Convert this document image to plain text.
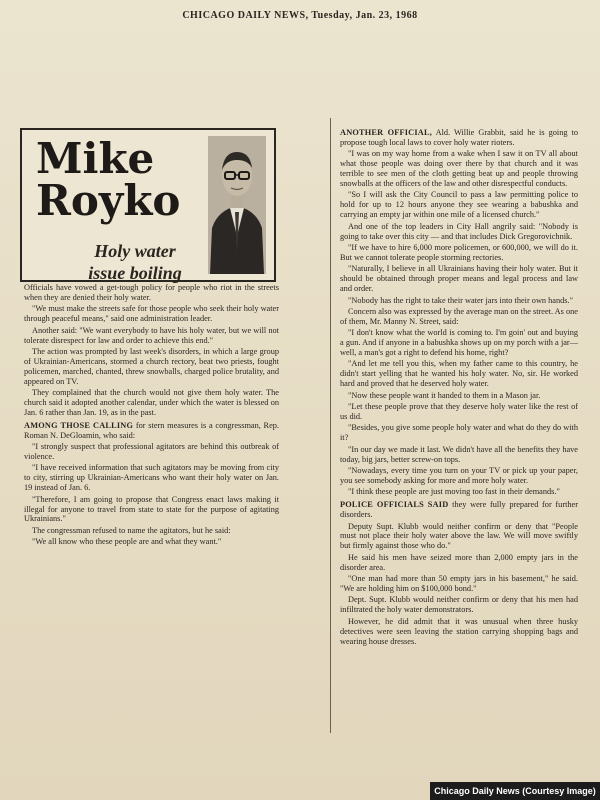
CHICAGO DAILY NEWS, Tuesday, Jan. 23, 1968
Mike
Royko
Holy water
issue boiling

Officials have vowed a get-tough policy for people who riot in the streets when they are denied their holy water.

"We must make the streets safe for those people who seek their holy water through peaceful means," said one administration leader.

Another said: "We want everybody to have his holy water, but we will not tolerate disrespect for law and order to achieve this end."

The action was prompted by last week's disorders, in which a large group of Ukrainian-Americans, stormed a church rectory, beat two priests, fought policemen, marched, chanted, threw snowballs, charged police brutality, and appeared on TV.

They complained that the church would not give them holy water. The church said it adopted another calendar, under which the water is blessed on Jan. 6 rather than Jan. 19, as in the past.

AMONG THOSE CALLING for stern measures is a congressman, Rep. Roman N. DeGloamin, who said:

"I strongly suspect that professional agitators are behind this outbreak of violence.

"I have received information that such agitators may be moving from city to city, stirring up Ukrainian-Americans who want their holy water on Jan. 19 instead of Jan. 6.

"Therefore, I am going to propose that Congress enact laws making it illegal for anyone to travel from state to state for the purpose of agitating Ukrainians."

The congressman refused to name the agitators, but he said:

"We all know who these people are and what they want."

ANOTHER OFFICIAL, Ald. Willie Grabbit, said he is going to propose tough local laws to cover holy water rioters.

"I was on my way home from a wake when I saw it on TV all about what those people was doing over there by that church and it was terrible to see men of the cloth getting beat up and people throwing snowballs at the officers of the law and other disrespectful conducts.

"So I will ask the City Council to pass a law permitting police to hold for up to 12 hours anyone they see wearing a babushka and carrying an empty jar within one mile of a licensed church."

And one of the top leaders in City Hall angrily said: "Nobody is going to take over this city — and that includes Dick Gregorovichnik.

"If we have to hire 6,000 more policemen, or 600,000, we will do it. But we cannot tolerate people storming rectories.

"Naturally, I believe in all Ukrainians having their holy water. But it should be obtained through proper means and legal process and law and order.

"Nobody has the right to take their water jars into their own hands."

Concern also was expressed by the average man on the street. As one of them, Mr. Manny N. Street, said:

"I don't know what the world is coming to. I'm goin' out and buying a gun. And if anyone in a babushka shows up on my porch with a jar—well, a man's got a right to defend his home, right?

"And let me tell you this, when my father came to this country, he didn't start yelling that he wanted his holy water. No, sir. He worked hard and proved that he deserved holy water.

"Now these people want it handed to them in a Mason jar.

"Let these people prove that they deserve holy water like the rest of us did.

"Besides, you give some people holy water and what do they do with it?

"In our day we made it last. We didn't have all the benefits they have today, big jars, better screw-on tops.

"Nowadays, every time you turn on your TV or pick up your paper, you see somebody asking for more and more holy water.

"I think these people are just moving too fast in their demands."

POLICE OFFICIALS SAID they were fully prepared for further disorders.

Deputy Supt. Klubb would neither confirm or deny that "People must not place their holy water above the law. We will move swiftly but firmly against those who do."

He said his men have seized more than 2,000 empty jars in the disorder area.

"One man had more than 50 empty jars in his basement," he said. "We are holding him on $100,000 bond."

Dept. Supt. Klubb would neither confirm or deny that his men had infiltrated the holy water demonstrators.

However, he did admit that it was unusual when three husky detectives were seen leaving the station carrying shopping bags and wearing house dresses.

Chicago Daily News (Courtesy Image)
